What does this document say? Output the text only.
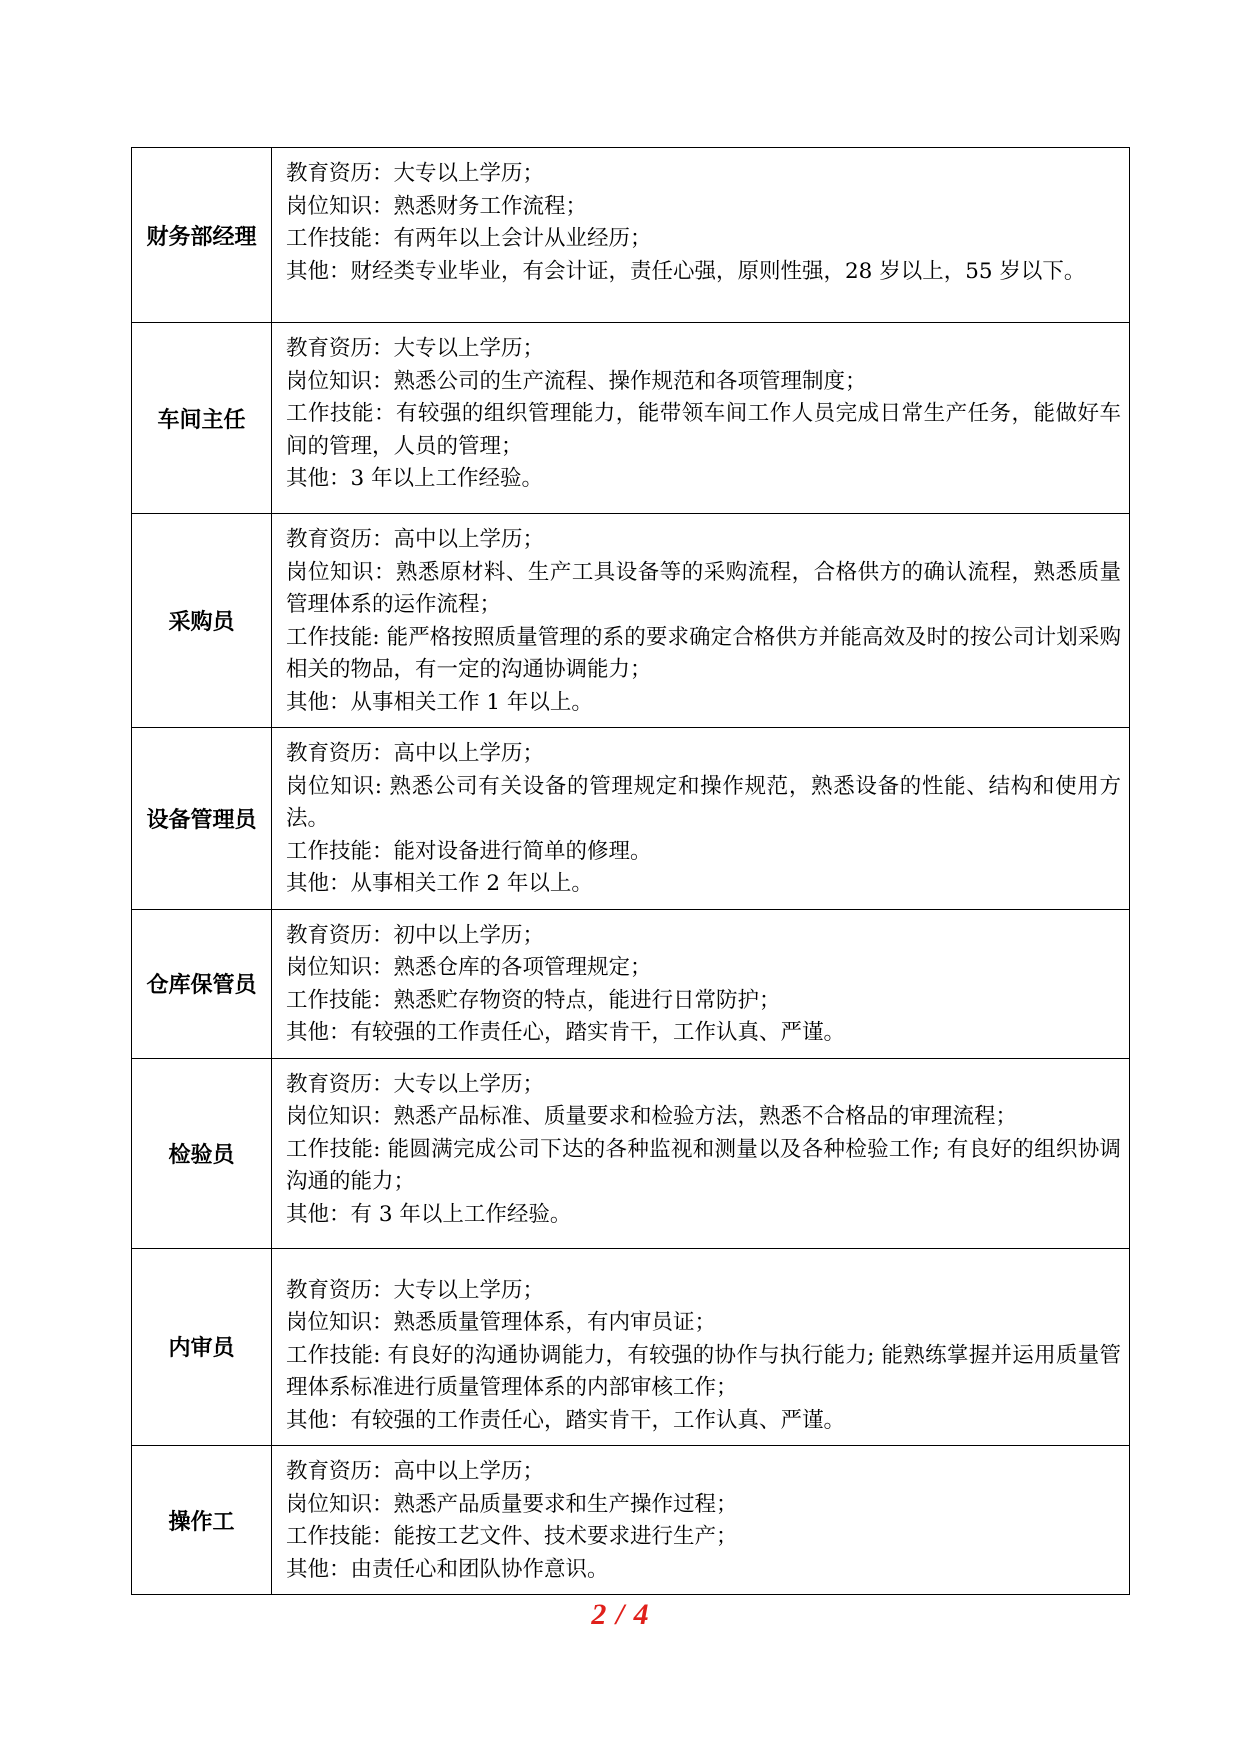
财务部经理	教育资历：大专以上学历；
岗位知识：熟悉财务工作流程；
工作技能：有两年以上会计从业经历；
其他：财经类专业毕业，有会计证，责任心强，原则性强，28 岁以上，55 岁以下。

车间主任	教育资历：大专以上学历；
岗位知识：熟悉公司的生产流程、操作规范和各项管理制度；
工作技能：有较强的组织管理能力，能带领车间工作人员完成日常生产任务，能做好车间的管理，人员的管理；
其他：3 年以上工作经验。

采购员	教育资历：高中以上学历；
岗位知识：熟悉原材料、生产工具设备等的采购流程，合格供方的确认流程，熟悉质量管理体系的运作流程；
工作技能: 能严格按照质量管理的系的要求确定合格供方并能高效及时的按公司计划采购相关的物品，有一定的沟通协调能力；
其他：从事相关工作 1 年以上。

设备管理员	教育资历：高中以上学历；
岗位知识: 熟悉公司有关设备的管理规定和操作规范，熟悉设备的性能、结构和使用方法。
工作技能：能对设备进行简单的修理。
其他：从事相关工作 2 年以上。

仓库保管员	教育资历：初中以上学历；
岗位知识：熟悉仓库的各项管理规定；
工作技能：熟悉贮存物资的特点，能进行日常防护；
其他：有较强的工作责任心，踏实肯干，工作认真、严谨。

检验员	教育资历：大专以上学历；
岗位知识：熟悉产品标准、质量要求和检验方法，熟悉不合格品的审理流程；
工作技能: 能圆满完成公司下达的各种监视和测量以及各种检验工作; 有良好的组织协调沟通的能力；
其他：有 3 年以上工作经验。

内审员	教育资历：大专以上学历；
岗位知识：熟悉质量管理体系，有内审员证；
工作技能: 有良好的沟通协调能力，有较强的协作与执行能力; 能熟练掌握并运用质量管理体系标准进行质量管理体系的内部审核工作；
其他：有较强的工作责任心，踏实肯干，工作认真、严谨。

操作工	教育资历：高中以上学历；
岗位知识：熟悉产品质量要求和生产操作过程；
工作技能：能按工艺文件、技术要求进行生产；
其他：由责任心和团队协作意识。
2 / 4
